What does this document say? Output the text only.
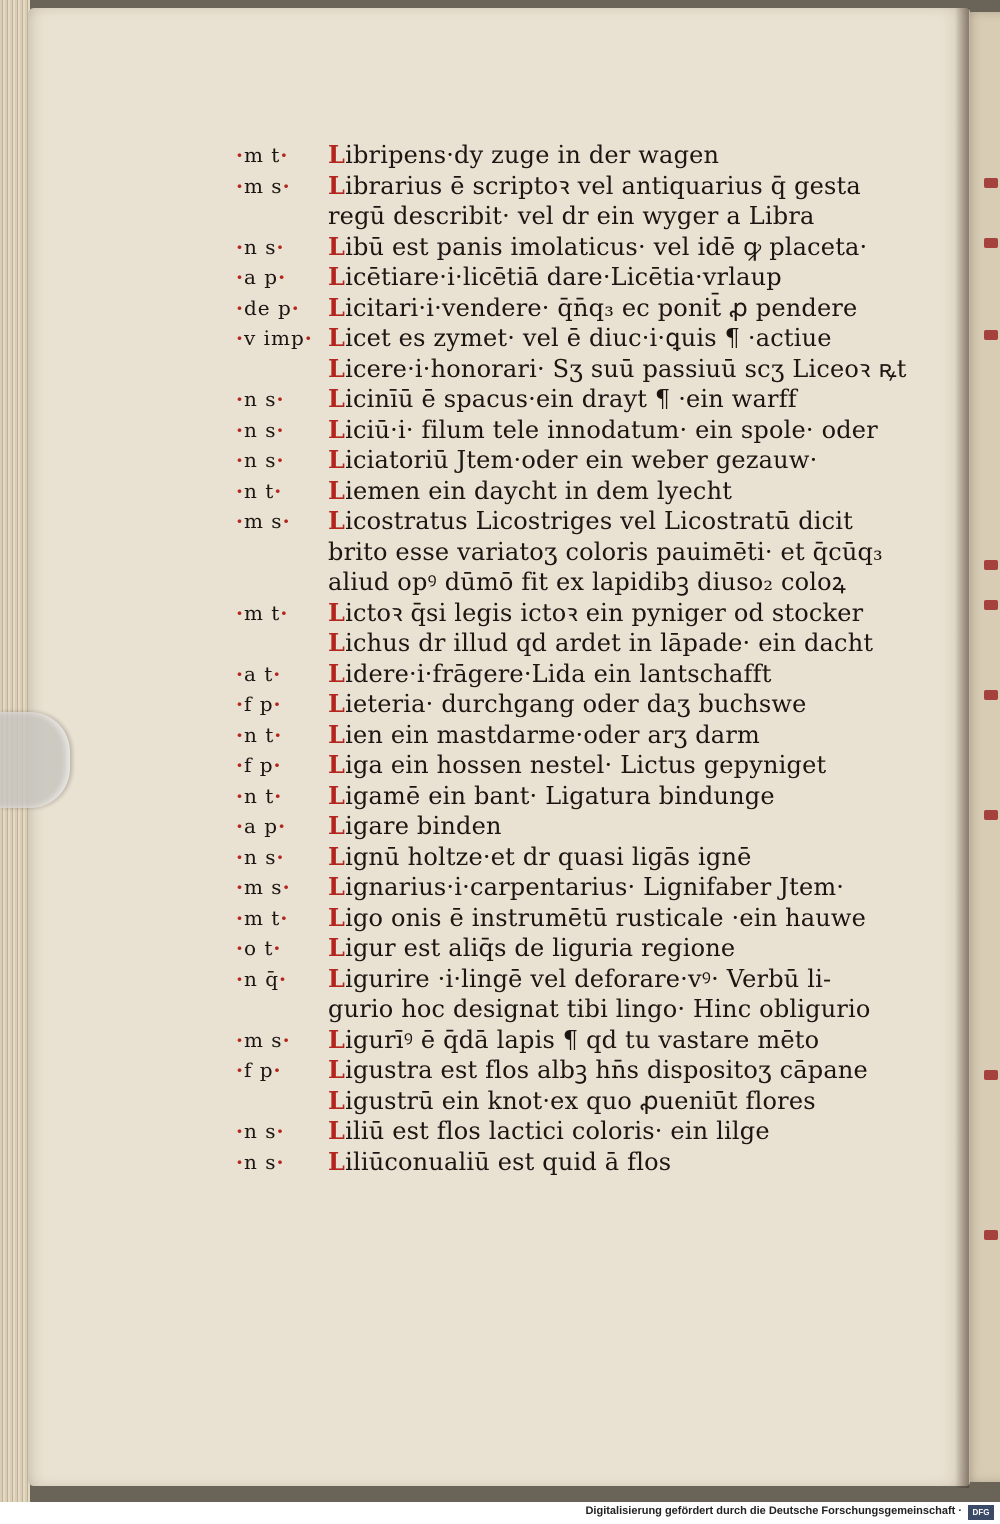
·m t·	Libripens·dy zuge in der wagen
·m s·	Librarius ē scriptoꝛ vel antiquarius q̄ gesta
regū describit· vel dr ein wyger a Libra
·n s·	Libū est panis imolaticus· vel idē ꝙ placeta·
·a p·	Licētiare·i·licētiā dare·Licētia·vrlaup
·de p·	Licitari·i·vendere· q̄n̄q₃ ec ponit̄ ꝓ pendere
·v imp· Licet es zymet· vel ē diuc·i·ꝗuis ¶ ·actiue
Licere·i·honorari· Sʒ suū passiuū scʒ Liceoꝛ ꝶt
·n s·	Licinīū ē spacus·ein drayt ¶ ·ein warff
·n s·	Liciū·i· filum tele innodatum· ein spole· oder
·n s·	Liciatoriū Jtem·oder ein weber gezauw·
·n t·	Liemen ein daycht in dem lyecht
·m s·	Licostratus Licostriges vel Licostratū dicit
brito esse variatoʒ coloris pauimēti· et q̄cūq₃
aliud opꝰ dūmō fit ex lapidibꝫ diuso₂ coloꝝ
·m t·	Lictoꝛ q̄si legis ictoꝛ ein pyniger od stocker
Lichus dr illud qd ardet in lāpade· ein dacht
·a t·	Lidere·i·frāgere·Lida ein lantschafft
·f p·	Lieteria· durchgang oder daʒ buchswe
·n t·	Lien ein mastdarme·oder arʒ darm
·f p·	Liga ein hossen nestel· Lictus gepyniget
·n t·	Ligamē ein bant· Ligatura bindunge
·a p·	Ligare binden
·n s·	Lignū holtze·et dr quasi ligās ignē
·m s·	Lignarius·i·carpentarius· Lignifaber Jtem·
·m t·	Ligo onis ē instrumētū rusticale ·ein hauwe
·o t·	Ligur est aliq̄s de liguria regione
·n q̄·	Ligurire ·i·lingē vel deforare·vꝰ· Verbū li-
gurio hoc designat tibi lingo· Hinc obligurio
·m s·	Ligurīꝰ ē q̄dā lapis ¶ qd tu vastare mēto
·f p·	Ligustra est flos albꝫ hn̄s dispositoʒ cāpane
Ligustrū ein knot·ex quo ꝓueniūt flores
·n s·	Liliū est flos lactici coloris· ein lilge
·n s·	Liliūconualiū est quid ā flos
Digitalisierung gefördert durch die Deutsche Forschungsgemeinschaft ·	DFG
